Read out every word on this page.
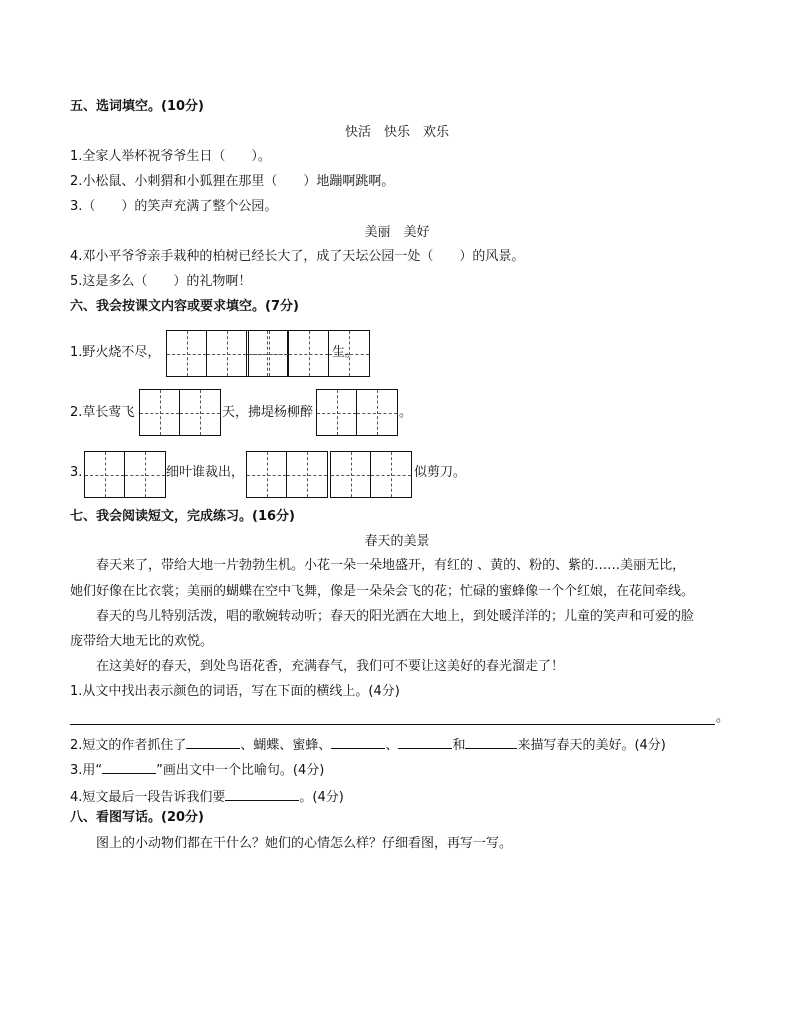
五、选词填空。(10分)
快活　快乐　欢乐
1.全家人举杯祝爷爷生日（　　）。
2.小松鼠、小刺猬和小狐狸在那里（　　）地蹦啊跳啊。
3.（　　）的笑声充满了整个公园。
美丽　美好
4.邓小平爷爷亲手栽种的柏树已经长大了，成了天坛公园一处（　　）的风景。
5.这是多么（　　）的礼物啊！
六、我会按课文内容或要求填空。(7分)
1.野火烧不尽，	生。
2.草长莺飞	天，拂堤杨柳醉	。
3.	细叶谁裁出，	似剪刀。
七、我会阅读短文，完成练习。(16分)
春天的美景
春天来了，带给大地一片勃勃生机。小花一朵一朵地盛开，有红的 、黄的、粉的、紫的……美丽无比，
她们好像在比衣裳；美丽的蝴蝶在空中飞舞，像是一朵朵会飞的花；忙碌的蜜蜂像一个个红娘，在花间牵线。
春天的鸟儿特别活泼，唱的歌婉转动听；春天的阳光洒在大地上，到处暖洋洋的；儿童的笑声和可爱的脸
庞带给大地无比的欢悦。
在这美好的春天，到处鸟语花香，充满春气，我们可不要让这美好的春光溜走了！
1.从文中找出表示颜色的词语，写在下面的横线上。(4分)
。
2.短文的作者抓住了	、蝴蝶、蜜蜂、	、	和	来描写春天的美好。(4分)
3.用“	”画出文中一个比喻句。(4分)
4.短文最后一段告诉我们要	。(4分)
八、看图写话。(20分)
图上的小动物们都在干什么？她们的心情怎么样？仔细看图，再写一写。
